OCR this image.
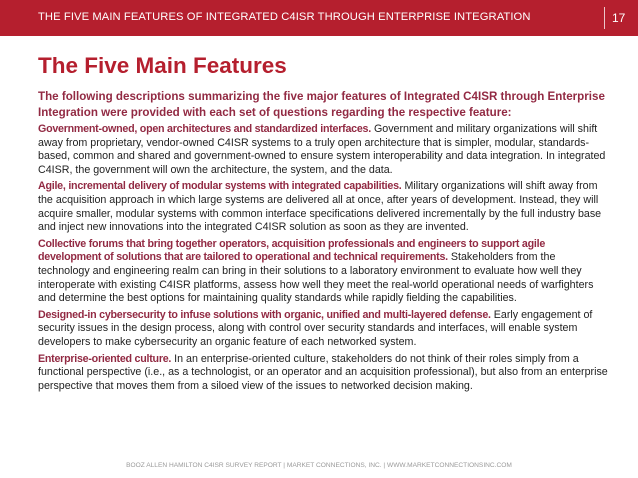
THE FIVE MAIN FEATURES OF INTEGRATED C4ISR THROUGH ENTERPRISE INTEGRATION	17
The Five Main Features

The following descriptions summarizing the five major features of Integrated C4ISR through Enterprise Integration were provided with each set of questions regarding the respective feature:

Government-owned, open architectures and standardized interfaces. Government and military organizations will shift away from proprietary, vendor-owned C4ISR systems to a truly open architecture that is simpler, modular, standards-based, common and shared and government-owned to ensure system interoperability and data integration. In integrated C4ISR, the government will own the architecture, the system, and the data.

Agile, incremental delivery of modular systems with integrated capabilities. Military organizations will shift away from the acquisition approach in which large systems are delivered all at once, after years of development. Instead, they will acquire smaller, modular systems with common interface specifications delivered incrementally by the full industry base and inject new innovations into the integrated C4ISR solution as soon as they are invented.

Collective forums that bring together operators, acquisition professionals and engineers to support agile development of solutions that are tailored to operational and technical requirements. Stakeholders from the technology and engineering realm can bring in their solutions to a laboratory environment to evaluate how well they interoperate with existing C4ISR platforms, assess how well they meet the real-world operational needs of warfighters and determine the best options for maintaining quality standards while rapidly fielding the capabilities.

Designed-in cybersecurity to infuse solutions with organic, unified and multi-layered defense. Early engagement of security issues in the design process, along with control over security standards and interfaces, will enable system developers to make cybersecurity an organic feature of each networked system.

Enterprise-oriented culture. In an enterprise-oriented culture, stakeholders do not think of their roles simply from a functional perspective (i.e., as a technologist, or an operator and an acquisition professional), but also from an enterprise perspective that moves them from a siloed view of the issues to networked decision making.

BOOZ ALLEN HAMILTON C4ISR SURVEY REPORT | MARKET CONNECTIONS, INC. | WWW.MARKETCONNECTIONSINC.COM
